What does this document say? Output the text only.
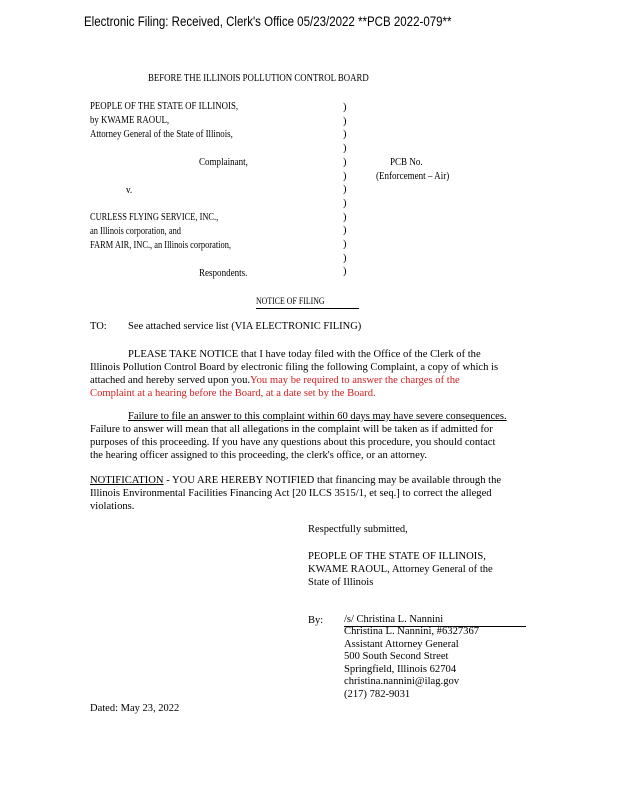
Electronic Filing: Received, Clerk's Office 05/23/2022 **PCB 2022-079**
BEFORE THE ILLINOIS POLLUTION CONTROL BOARD
PEOPLE OF THE STATE OF ILLINOIS,
by KWAME RAOUL,
Attorney General of the State of Illinois,
Complainant,
v.
CURLESS FLYING SERVICE, INC.,
an Illinois corporation, and
FARM AIR, INC., an Illinois corporation,
Respondents.
)
)
)
)
)
)
)
)
)
)
)
)
)
PCB No.
(Enforcement – Air)
NOTICE OF FILING
TO: See attached service list (VIA ELECTRONIC FILING)
PLEASE TAKE NOTICE that I have today filed with the Office of the Clerk of the
Illinois Pollution Control Board by electronic filing the following Complaint, a copy of which is
attached and hereby served upon you.You may be required to answer the charges of the
Complaint at a hearing before the Board, at a date set by the Board.
Failure to file an answer to this complaint within 60 days may have severe consequences.
Failure to answer will mean that all allegations in the complaint will be taken as if admitted for
purposes of this proceeding. If you have any questions about this procedure, you should contact
the hearing officer assigned to this proceeding, the clerk's office, or an attorney.
NOTIFICATION - YOU ARE HEREBY NOTIFIED that financing may be available through the
Illinois Environmental Facilities Financing Act [20 ILCS 3515/1, et seq.] to correct the alleged
violations.
Respectfully submitted,
PEOPLE OF THE STATE OF ILLINOIS,
KWAME RAOUL, Attorney General of the
State of Illinois
By: /s/ Christina L. Nannini
Christina L. Nannini, #6327367
Assistant Attorney General
500 South Second Street
Springfield, Illinois 62704
christina.nannini@ilag.gov
(217) 782-9031
Dated: May 23, 2022
